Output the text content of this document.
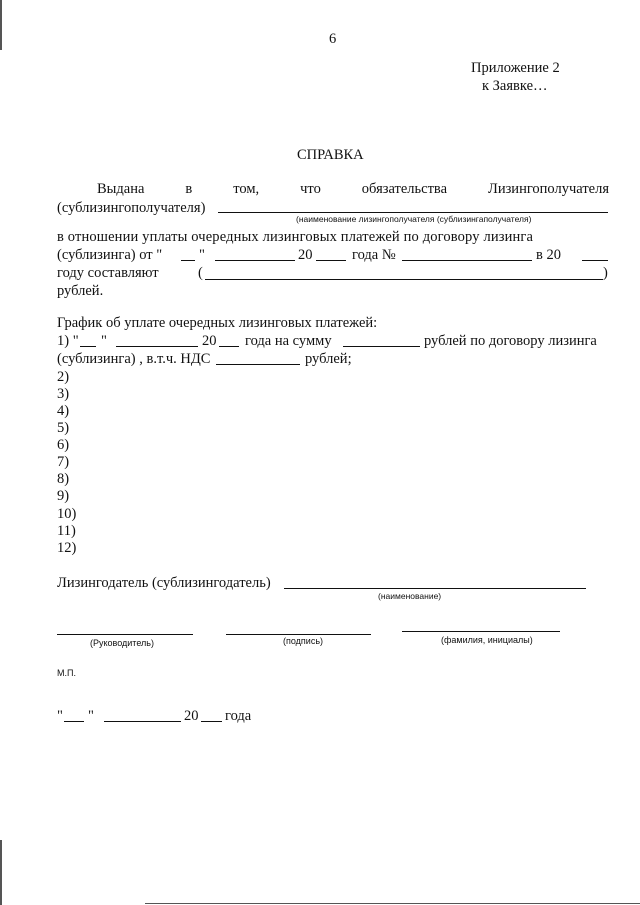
6
Приложение 2
к Заявке…
СПРАВКА
Выдана	в	том,	что	обязательства	Лизингополучателя
(сублизингополучателя)
(наименование лизингополучателя (сублизингаполучателя)
в отношении уплаты очередных лизинговых платежей по договору лизинга
(сублизинга) от "	"	20	года №	в 20
году составляют	(	)
рублей.
График об уплате очередных лизинговых платежей:
1) " "	20 года на сумму	рублей по договору лизинга
(сублизинга) , в.т.ч. НДС	рублей;
2)
3)
4)
5)
6)
7)
8)
9)
10)
11)
12)
Лизингодатель (сублизингодатель)
(наименование)
(Руководитель)	(подпись)	(фамилия, инициалы)
М.П.
" "	20 года
